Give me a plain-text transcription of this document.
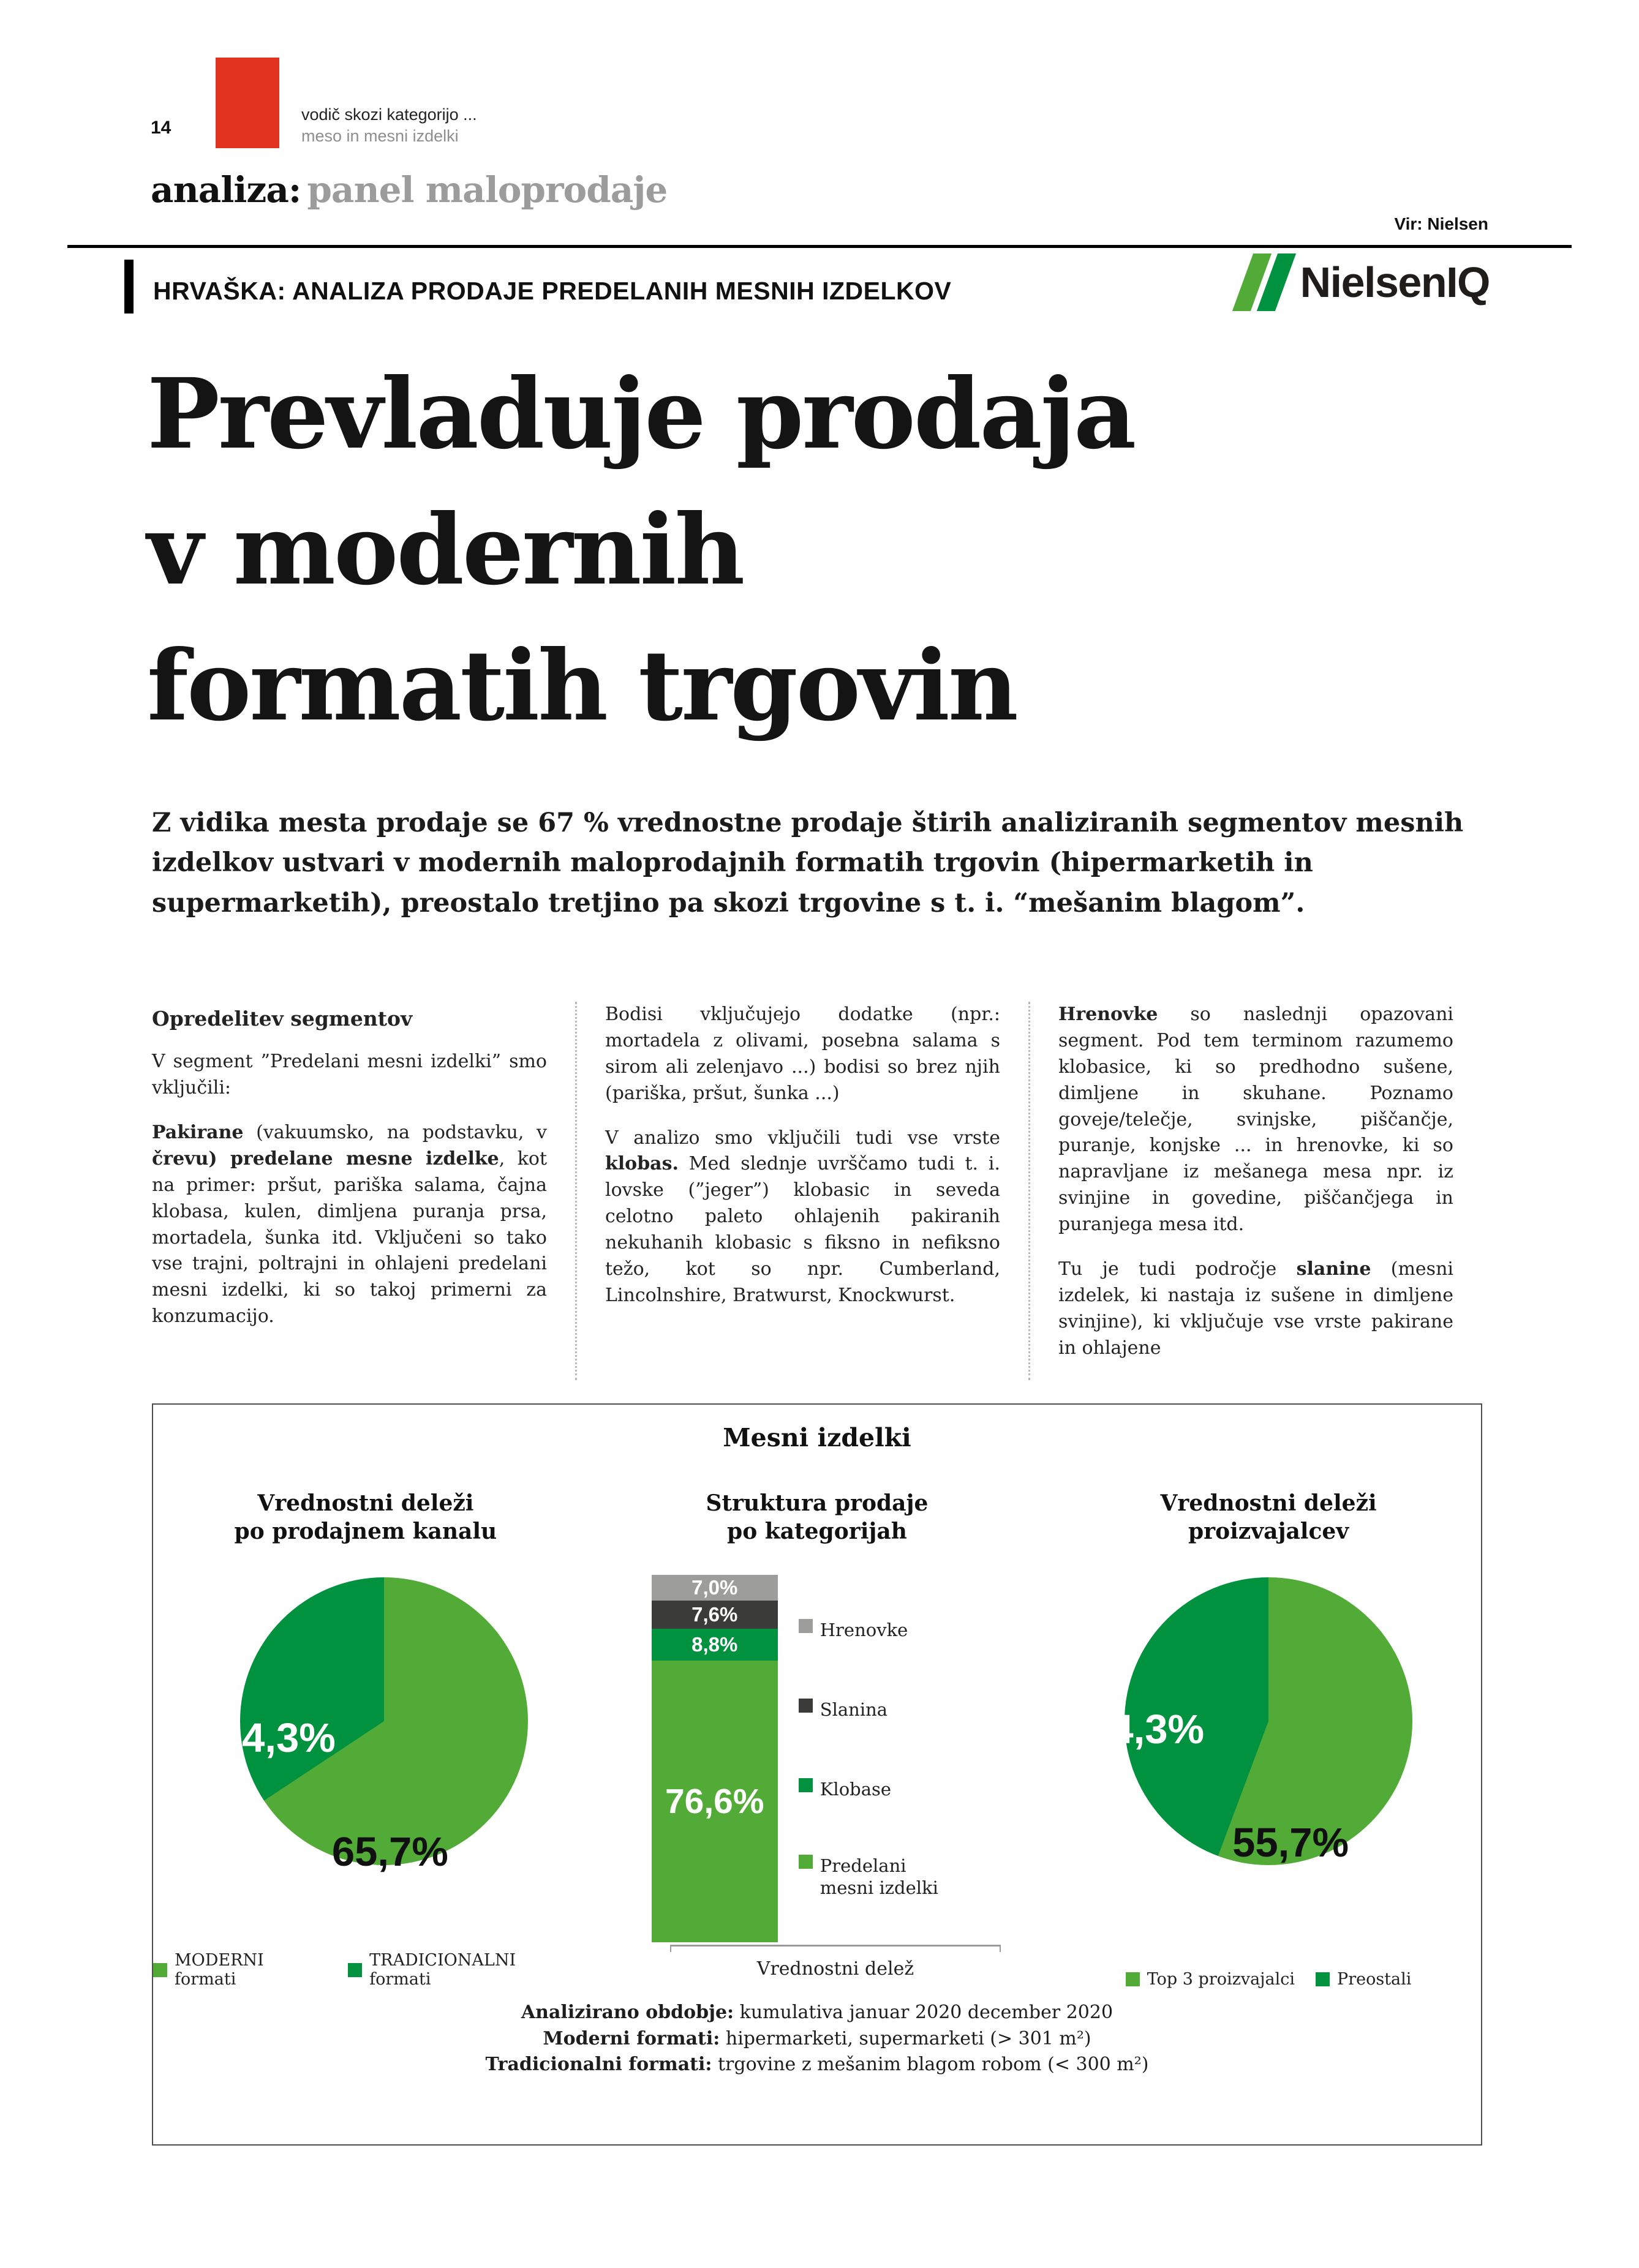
14
vodič skozi kategorijo ...
meso in mesni izdelki
analiza: panel maloprodaje
Vir: Nielsen
HRVAŠKA: ANALIZA PRODAJE PREDELANIH MESNIH IZDELKOV	NielsenIQ
Prevladuje prodaja
v modernih
formatih trgovin

Z vidika mesta prodaje se 67 % vrednostne prodaje štirih analiziranih segmentov mesnih izdelkov ustvari v modernih maloprodajnih formatih trgovin (hipermarketih in supermarketih), preostalo tretjino pa skozi trgovine s t. i. “mešanim blagom”.

Opredelitev segmentov

V segment ”Predelani mesni izdelki” smo vključili:

Pakirane (vakuumsko, na podstavku, v črevu) predelane mesne izdelke, kot na primer: pršut, pariška salama, čajna klobasa, kulen, dimljena puranja prsa, mortadela, šunka itd. Vključeni so tako vse trajni, poltrajni in ohlajeni predelani mesni izdelki, ki so takoj primerni za konzumacijo.

Bodisi vključujejo dodatke (npr.: mortadela z olivami, posebna salama s sirom ali zelenjavo ...) bodisi so brez njih (pariška, pršut, šunka ...)

V analizo smo vključili tudi vse vrste klobas. Med slednje uvrščamo tudi t. i. lovske (”jeger”) klobasic in seveda celotno paleto ohlajenih pakiranih nekuhanih klobasic s fiksno in nefiksno težo, kot so npr. Cumberland, Lincolnshire, Bratwurst, Knockwurst.

Hrenovke so naslednji opazovani segment. Pod tem terminom razumemo klobasice, ki so predhodno sušene, dimljene in skuhane. Poznamo goveje/telečje, svinjske, piščančje, puranje, konjske ... in hrenovke, ki so napravljane iz mešanega mesa npr. iz svinjine in govedine, piščančjega in puranjega mesa itd.

Tu je tudi področje slanine (mesni izdelek, ki nastaja iz sušene in dimljene svinjine), ki vključuje vse vrste pakirane in ohlajene

Mesni izdelki
Vrednostni deleži
po prodajnem kanalu
34,3%
65,7%
MODERNI formati
TRADICIONALNI formati
Struktura prodaje
po kategorijah
7,0%
7,6%
8,8%
76,6%
Hrenovke
Slanina
Klobase
Predelani mesni izdelki
Vrednostni delež
Vrednostni deleži
proizvajalcev
44,3%
55,7%
Top 3 proizvajalci	Preostali
Analizirano obdobje: kumulativa januar 2020 december 2020
Moderni formati: hipermarketi, supermarketi (> 301 m²)
Tradicionalni formati: trgovine z mešanim blagom robom (< 300 m²)
